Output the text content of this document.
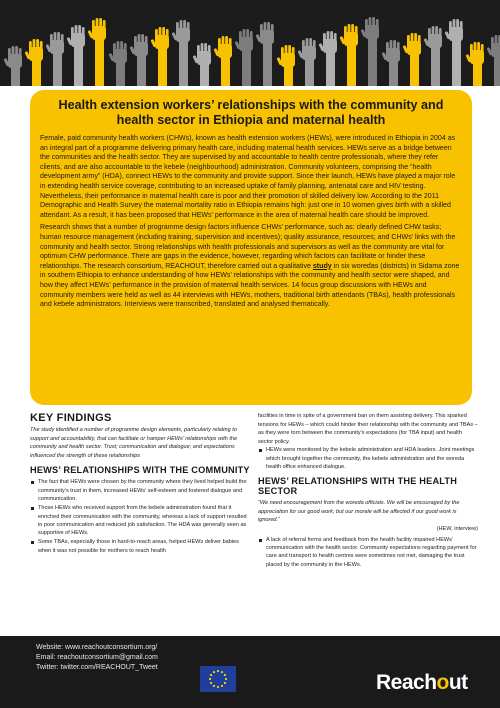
Health extension workers’ relationships with the community and health sector in Ethiopia and maternal health

Female, paid community health workers (CHWs), known as health extension workers (HEWs), were introduced in Ethiopia in 2004 as an integral part of a programme delivering primary health care, including maternal health services. HEWs serve as a bridge between the communities and the health sector. They are supervised by and accountable to health centre professionals, where they refer clients, and are also accountable to the kebele (neighbourhood) administration. Community volunteers, comprising the “health development army” (HDA), connect HEWs to the community and provide support. Since their launch, HEWs have played a major role in extending health service coverage, contributing to an increased uptake of family planning, antenatal care and HIV testing. Nevertheless, their performance in maternal health care is poor and their promotion of skilled delivery low. According to the 2011 Demographic and Health Survey the maternal mortality ratio in Ethiopia remains high: just one in 10 women gives birth with a skilled attendant. As a result, it has been proposed that HEWs’ performance in the area of maternal health care should be improved.

Research shows that a number of programme design factors influence CHWs’ performance, such as: clearly defined CHW tasks; human resource management (including training, supervision and incentives); quality assurance, resources; and CHWs’ links with the community and health sector. Strong relationships with health professionals and supervisors as well as the community are vital for optimum CHW performance. There are gaps in the evidence, however, regarding which factors can facilitate or hinder these relationships. The research consortium, REACHOUT, therefore carried out a qualitative study in six woredas (districts) in Sidama zone in southern Ethiopia to enhance understanding of how HEWs’ relationships with the community and health sector were shaped, and how they affect HEWs’ performance in the provision of maternal health services. 14 focus group discussions with HEWs and community members were held as well as 44 interviews with HEWs, mothers, traditional birth attendants (TBAs), health professionals and kebele administrators. Interviews were transcribed, translated and analysed thematically.

KEY FINDINGS

The study identified a number of programme design elements, particularly relating to support and accountability, that can facilitate or hamper HEWs’ relationships with the community and health sector. Trust; communication and dialogue; and expectations influenced the strength of these relationships

HEWS’ RELATIONSHIPS WITH THE COMMUNITY
The fact that HEWs were chosen by the community where they lived helped build the community’s trust in them, increased HEWs’ self-esteem and fostered dialogue and communication.
Those HEWs who received support from the kebele administration found that it enriched their communication with the community, whereas a lack of support resulted in poor communication and reduced job satisfaction. The HDA was generally seen as supportive of HEWs.
Some TBAs, especially those in hard-to-reach areas, helped HEWs deliver babies when it was not possible for mothers to reach health

facilities in time in spite of a government ban on them assisting delivery. This sparked tensions for HEWs – which could hinder their relationship with the community and TBAs – as they were torn between the community’s expectations (for TBA input) and health sector policy.

HEWs were monitored by the kebele administration and HDA leaders. Joint meetings which brought together the community, the kebele administration and the woreda health office enhanced dialogue.
HEWS’ RELATIONSHIPS WITH THE HEALTH SECTOR

“We need encouragement from the woreda officials. We will be encouraged by the appreciation for our good work; but our morale will be affected if our good work is ignored.”

(HEW, interview)

A lack of referral forms and feedback from the health facility impaired HEWs’ communication with the health sector. Community expectations regarding payment for care and transport to health centres were sometimes not met, damaging the trust placed by the community in the HEWs.
Website: www.reachoutconsortium.org/
Email: reachoutconsortium@gmail.com
Twitter: twitter.com/REACHOUT_Tweet
Reachout
